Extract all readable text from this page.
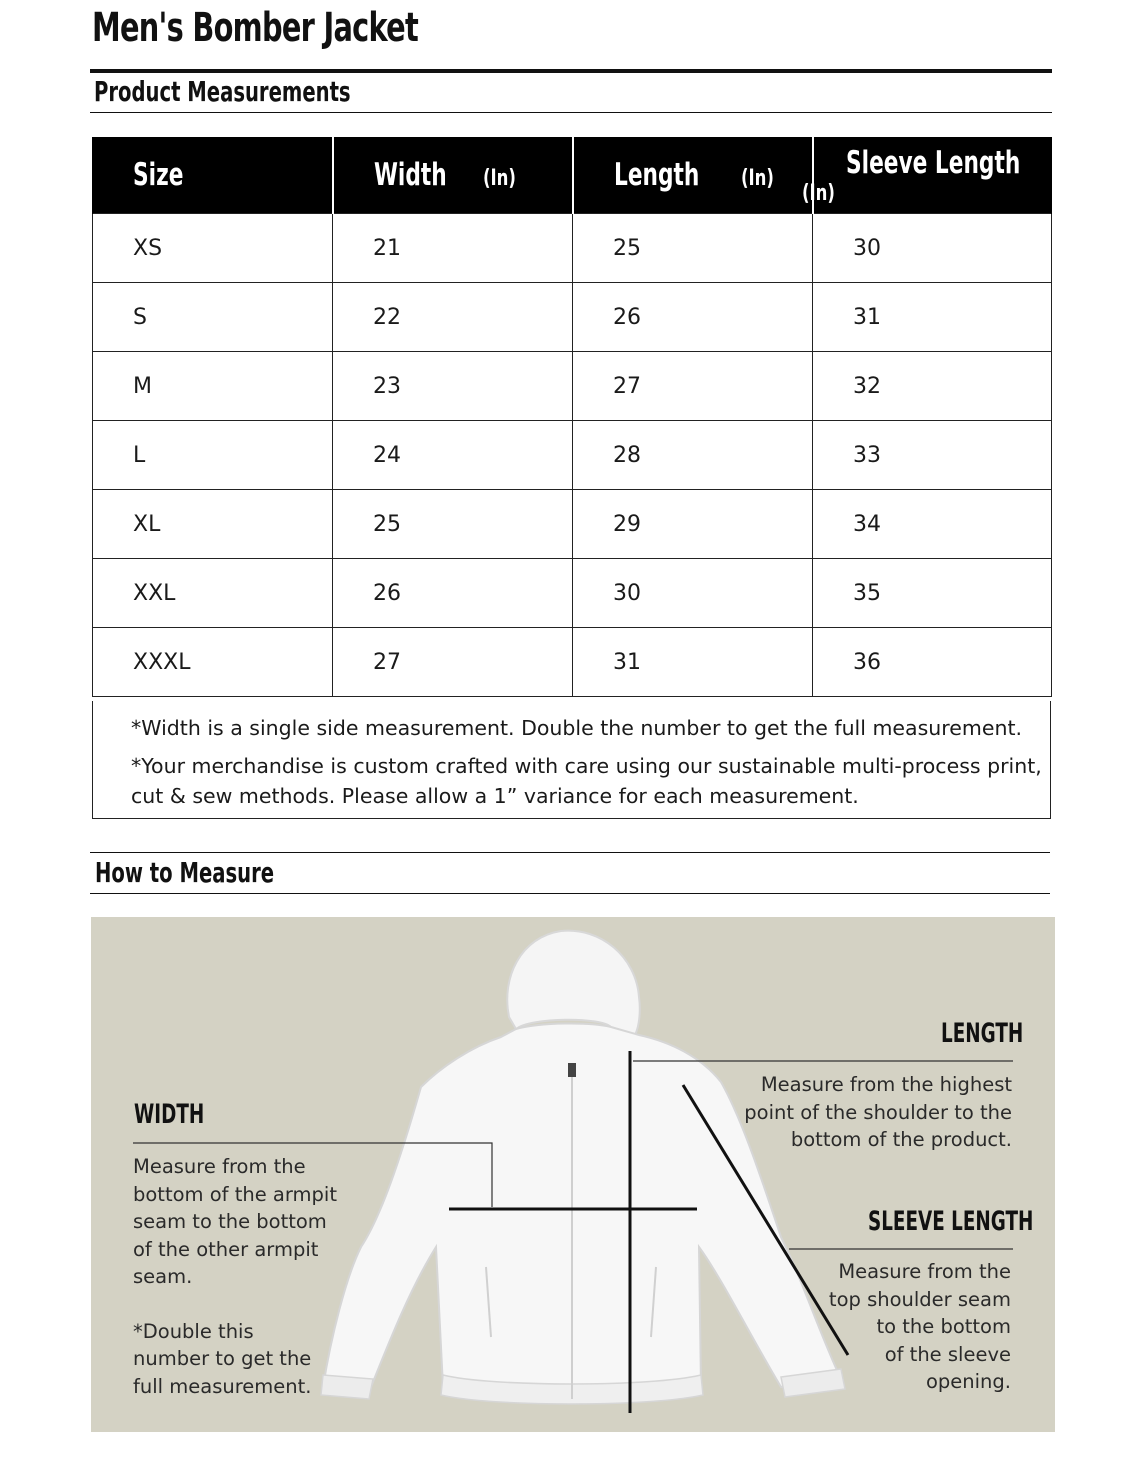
Men's Bomber Jacket
Product Measurements
Size	Width (In)	Length (In)	Sleeve Length(In)
XS	21	25	30
S	22	26	31
M	23	27	32
L	24	28	33
XL	25	29	34
XXL	26	30	35
XXXL	27	31	36
*Width is a single side measurement. Double the number to get the full measurement.
*Your merchandise is custom crafted with care using our sustainable multi-process print,
cut & sew methods. Please allow a 1” variance for each measurement.
How to Measure
WIDTH
Measure from the
bottom of the armpit
seam to the bottom
of the other armpit
seam.
*Double this
number to get the
full measurement.
LENGTH
Measure from the highest
point of the shoulder to the
bottom of the product.
SLEEVE LENGTH
Measure from the
top shoulder seam
to the bottom
of the sleeve
opening.
